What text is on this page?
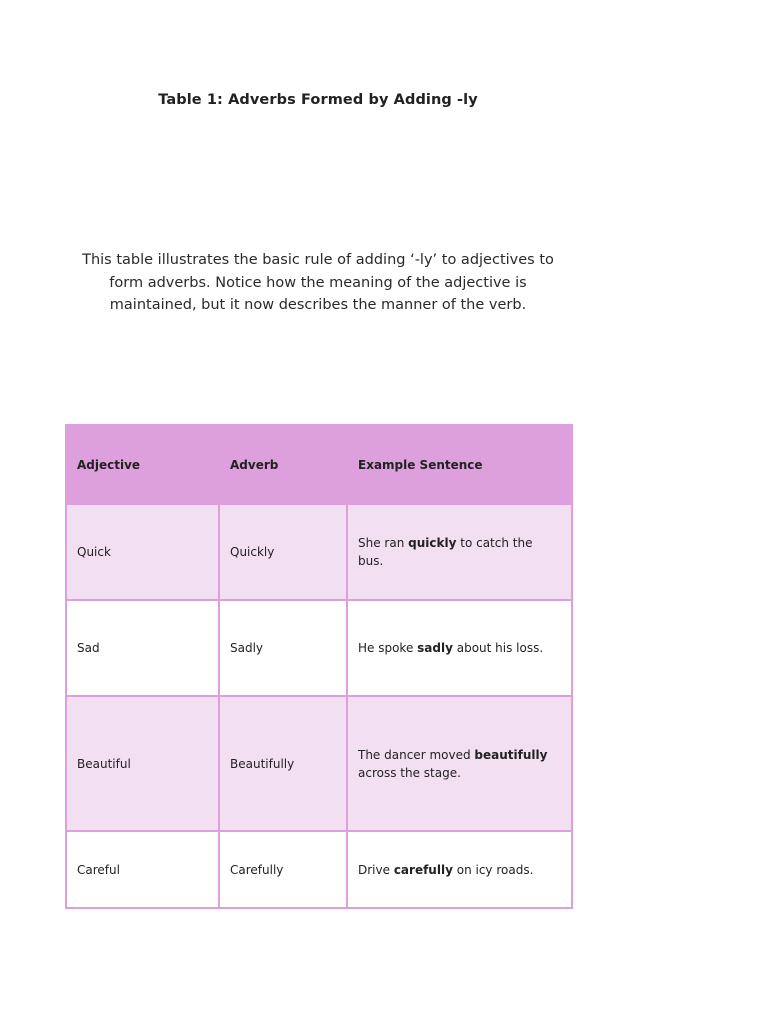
Table 1: Adverbs Formed by Adding -ly
This table illustrates the basic rule of adding ‘-ly’ to adjectives to form adverbs. Notice how the meaning of the adjective is maintained, but it now describes the manner of the verb.
Adjective	Adverb	Example Sentence
Quick	Quickly	She ran quickly to catch the bus.
Sad	Sadly	He spoke sadly about his loss.
Beautiful	Beautifully	The dancer moved beautifully across the stage.
Careful	Carefully	Drive carefully on icy roads.
